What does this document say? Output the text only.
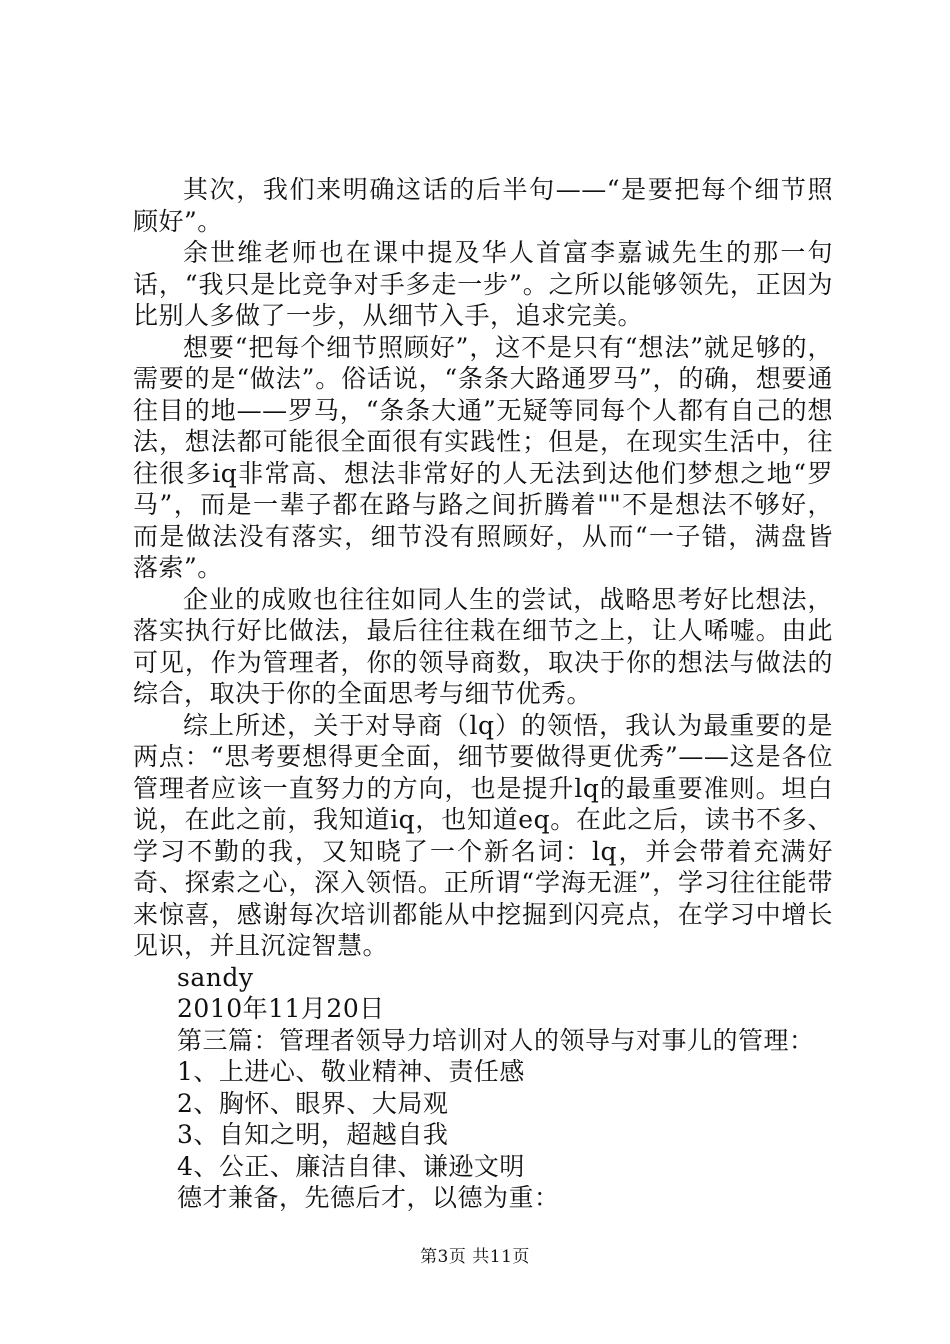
其次，我们来明确这话的后半句——“是要把每个细节照顾好”。

余世维老师也在课中提及华人首富李嘉诚先生的那一句话，“我只是比竞争对手多走一步”。之所以能够领先，正因为比别人多做了一步，从细节入手，追求完美。

想要“把每个细节照顾好”，这不是只有“想法”就足够的，需要的是“做法”。俗话说，“条条大路通罗马”，的确，想要通往目的地——罗马，“条条大通”无疑等同每个人都有自己的想法，想法都可能很全面很有实践性；但是，在现实生活中，往往很多iq非常高、想法非常好的人无法到达他们梦想之地“罗马”，而是一辈子都在路与路之间折腾着""不是想法不够好，而是做法没有落实，细节没有照顾好，从而“一子错，满盘皆落索”。

企业的成败也往往如同人生的尝试，战略思考好比想法，落实执行好比做法，最后往往栽在细节之上，让人唏嘘。由此可见，作为管理者，你的领导商数，取决于你的想法与做法的综合，取决于你的全面思考与细节优秀。

综上所述，关于对导商（lq）的领悟，我认为最重要的是两点：“思考要想得更全面，细节要做得更优秀”——这是各位管理者应该一直努力的方向，也是提升lq的最重要准则。坦白说，在此之前，我知道iq，也知道eq。在此之后，读书不多、学习不勤的我，又知晓了一个新名词：lq，并会带着充满好奇、探索之心，深入领悟。正所谓“学海无涯”，学习往往能带来惊喜，感谢每次培训都能从中挖掘到闪亮点，在学习中增长见识，并且沉淀智慧。

sandy

2010年11月20日

第三篇：管理者领导力培训对人的领导与对事儿的管理：

1、上进心、敬业精神、责任感

2、胸怀、眼界、大局观

3、自知之明，超越自我

4、公正、廉洁自律、谦逊文明

德才兼备，先德后才，以德为重：

第3页 共11页
